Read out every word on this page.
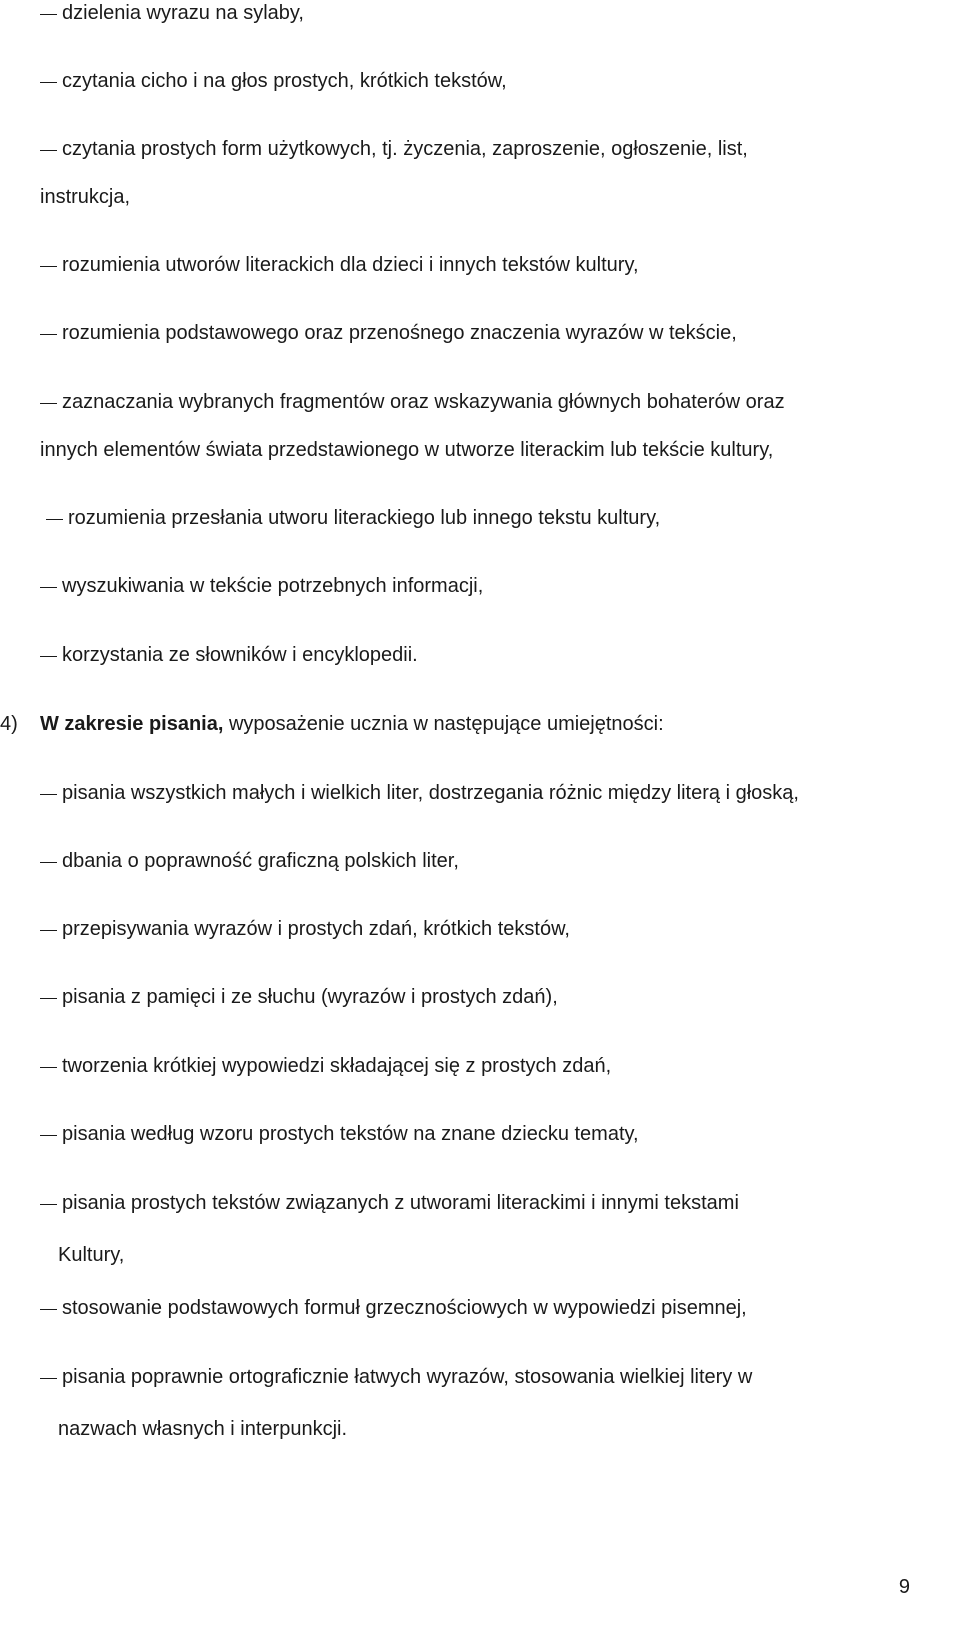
dzielenia wyrazu na sylaby,
czytania cicho i na głos prostych, krótkich tekstów,
czytania prostych form użytkowych, tj. życzenia, zaproszenie, ogłoszenie, list,
instrukcja,
rozumienia utworów literackich dla dzieci i innych tekstów kultury,
rozumienia podstawowego oraz przenośnego znaczenia wyrazów w tekście,
zaznaczania wybranych fragmentów oraz wskazywania głównych bohaterów oraz
innych elementów świata przedstawionego w utworze literackim lub tekście kultury,
rozumienia przesłania utworu literackiego lub innego tekstu kultury,
wyszukiwania w tekście potrzebnych informacji,
korzystania ze słowników i encyklopedii.
4) W zakresie pisania, wyposażenie ucznia w następujące umiejętności:
pisania wszystkich małych i wielkich liter, dostrzegania różnic między literą i głoską,
dbania o poprawność graficzną polskich liter,
przepisywania wyrazów i prostych zdań, krótkich tekstów,
pisania z pamięci i ze słuchu (wyrazów i prostych zdań),
tworzenia krótkiej wypowiedzi składającej się z prostych zdań,
pisania według wzoru prostych tekstów na znane dziecku tematy,
pisania prostych tekstów związanych z utworami literackimi i innymi tekstami
Kultury,
stosowanie podstawowych formuł grzecznościowych w wypowiedzi pisemnej,
pisania poprawnie ortograficznie łatwych wyrazów, stosowania wielkiej litery w
nazwach własnych i interpunkcji.
9
